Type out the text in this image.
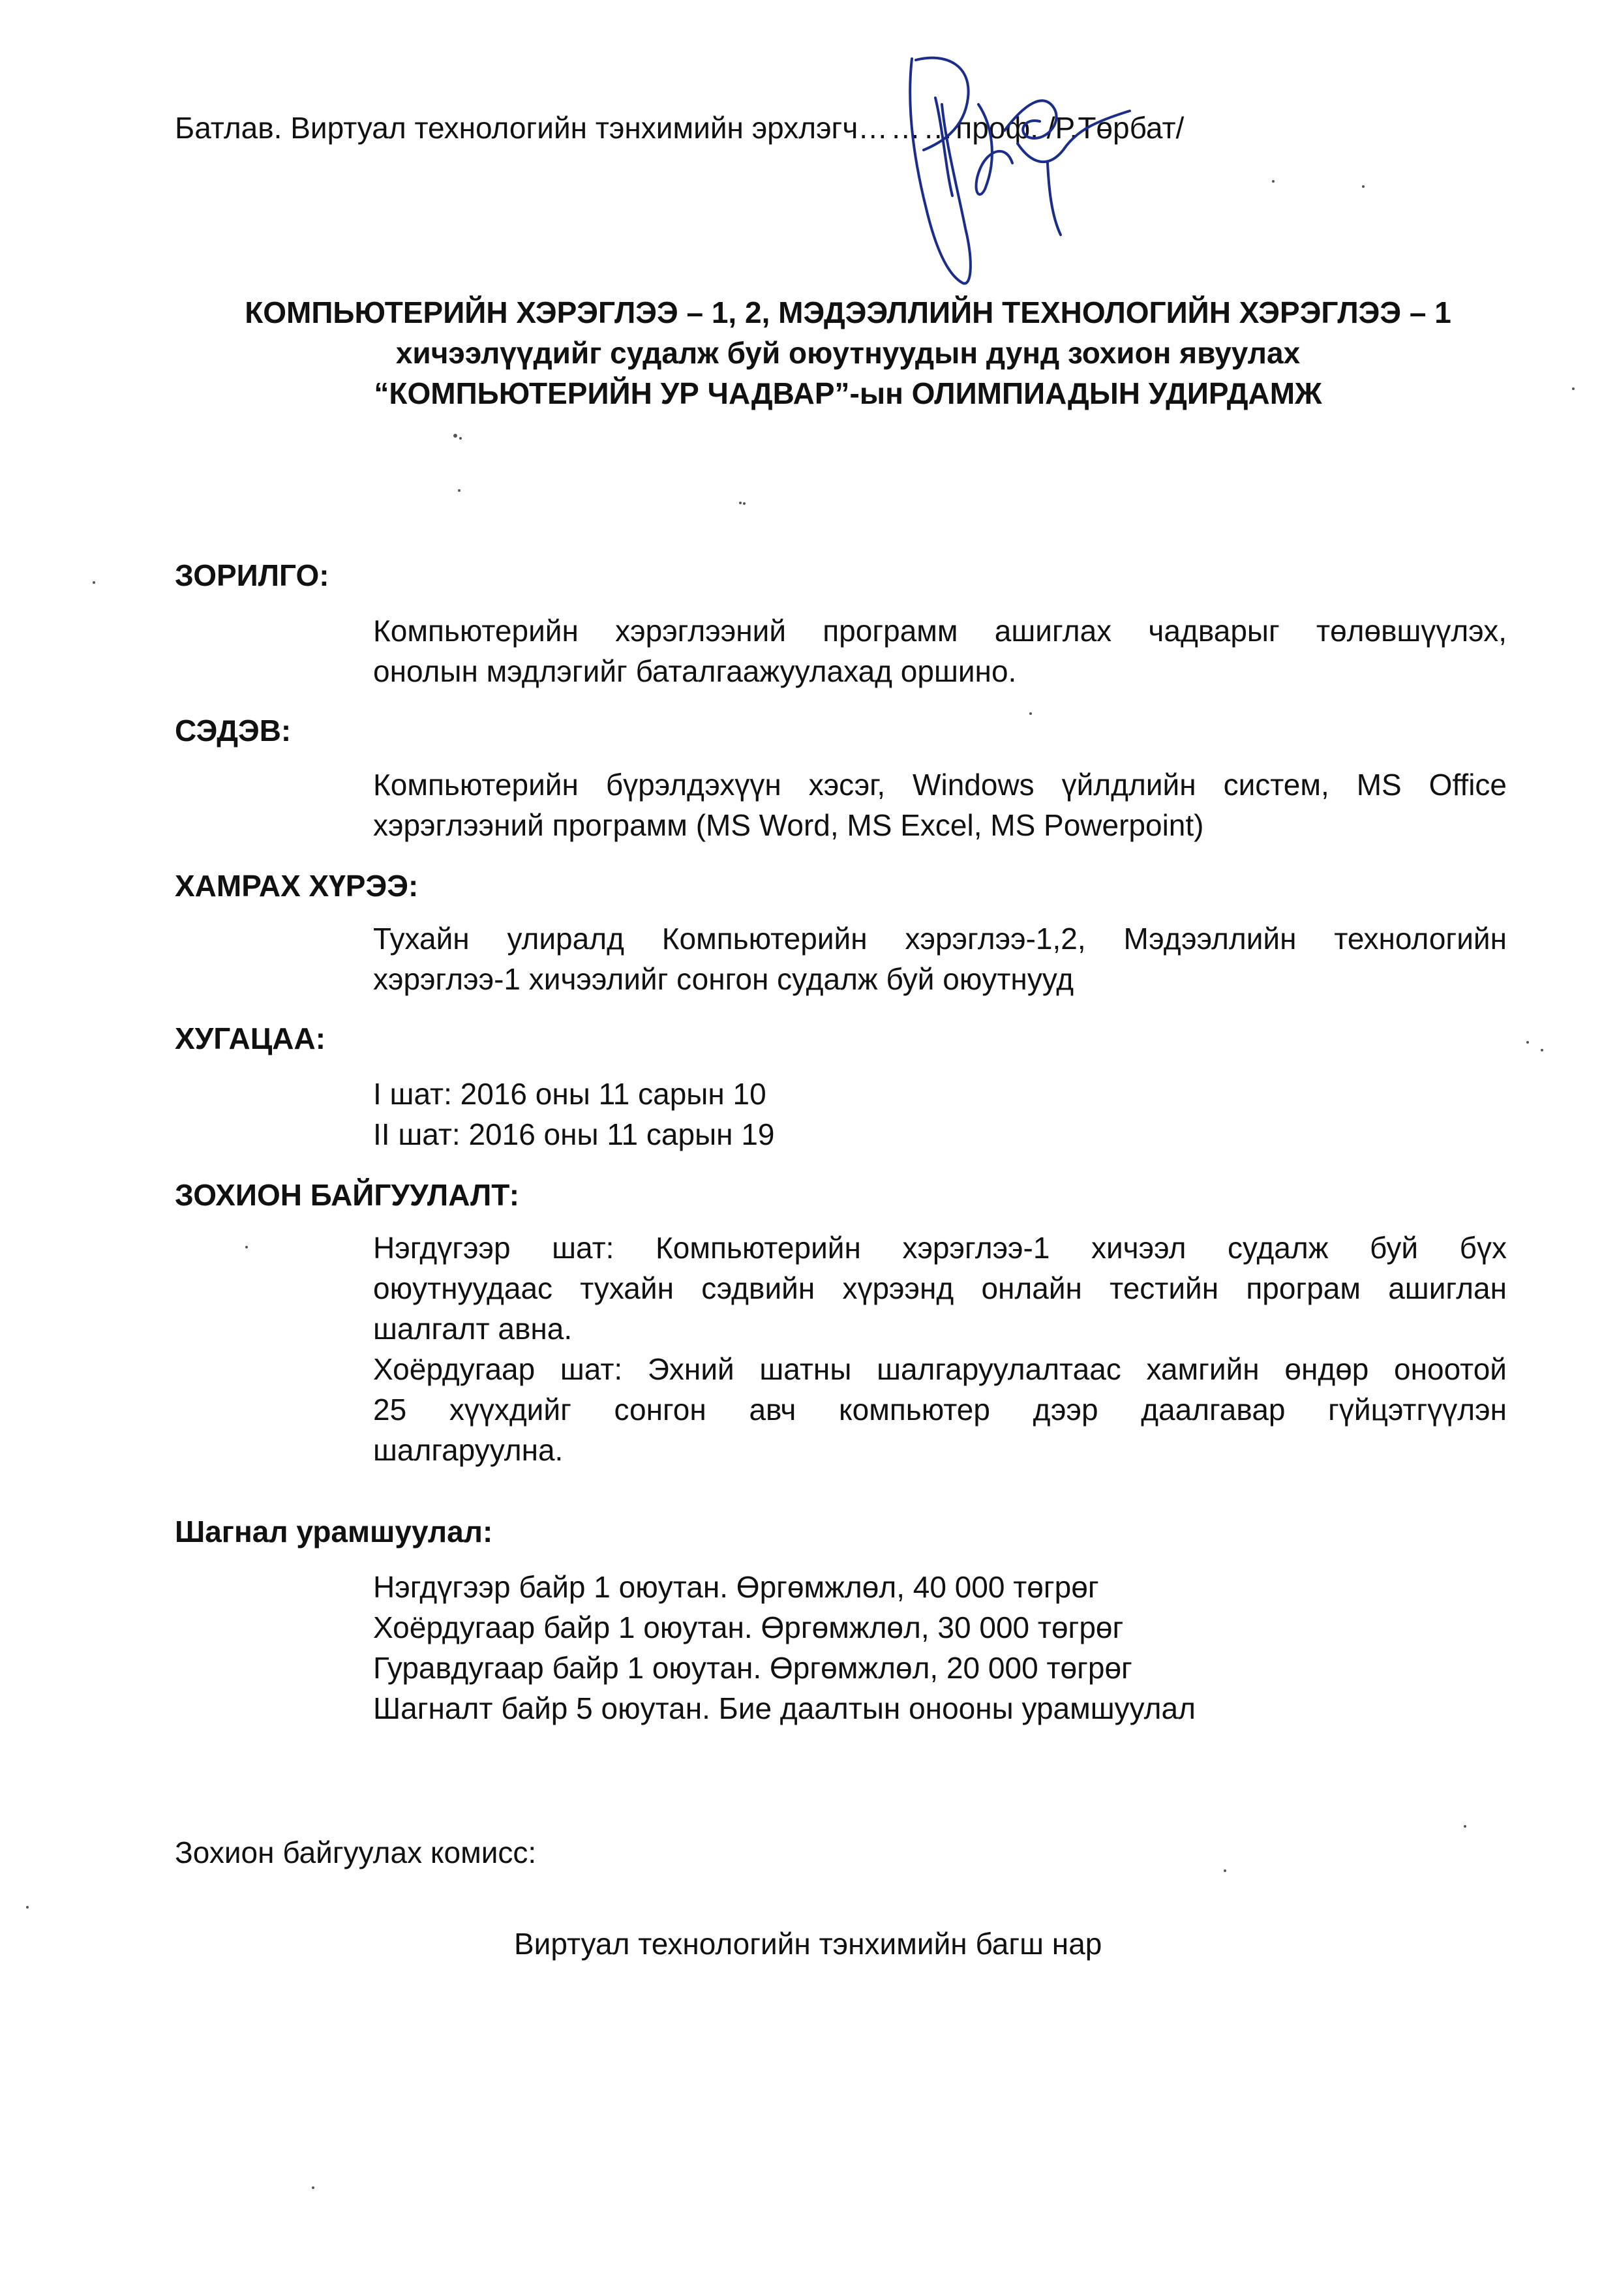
Батлав. Виртуал технологийн тэнхимийн эрхлэгч………проф. /Р.Төрбат/
КОМПЬЮТЕРИЙН ХЭРЭГЛЭЭ – 1, 2, МЭДЭЭЛЛИЙН ТЕХНОЛОГИЙН ХЭРЭГЛЭЭ – 1
хичээлүүдийг судалж буй оюутнуудын дунд зохион явуулах
“КОМПЬЮТЕРИЙН УР ЧАДВАР”-ын ОЛИМПИАДЫН УДИРДАМЖ
ЗОРИЛГО:
Компьютерийн хэрэглээний программ ашиглах чадварыг төлөвшүүлэх,
онолын мэдлэгийг баталгаажуулахад оршино.
СЭДЭВ:
Компьютерийн бүрэлдэхүүн хэсэг, Windows үйлдлийн систем, MS Office
хэрэглээний программ (MS Word, MS Excel, MS Powerpoint)
ХАМРАХ ХҮРЭЭ:
Тухайн улиралд Компьютерийн хэрэглээ-1,2, Мэдээллийн технологийн
хэрэглээ-1 хичээлийг сонгон судалж буй оюутнууд
ХУГАЦАА:
I шат: 2016 оны 11 сарын 10
II шат: 2016 оны 11 сарын 19
ЗОХИОН БАЙГУУЛАЛТ:
Нэгдүгээр шат: Компьютерийн хэрэглээ-1 хичээл судалж буй бүх
оюутнуудаас тухайн сэдвийн хүрээнд онлайн тестийн програм ашиглан
шалгалт авна.
Хоёрдугаар шат: Эхний шатны шалгаруулалтаас хамгийн өндөр оноотой
25 хүүхдийг сонгон авч компьютер дээр даалгавар гүйцэтгүүлэн
шалгаруулна.
Шагнал урамшуулал:
Нэгдүгээр байр 1 оюутан. Өргөмжлөл, 40 000 төгрөг
Хоёрдугаар байр 1 оюутан. Өргөмжлөл, 30 000 төгрөг
Гуравдугаар байр 1 оюутан. Өргөмжлөл, 20 000 төгрөг
Шагналт байр 5 оюутан. Бие даалтын онооны урамшуулал
Зохион байгуулах комисс:
Виртуал технологийн тэнхимийн багш нар
